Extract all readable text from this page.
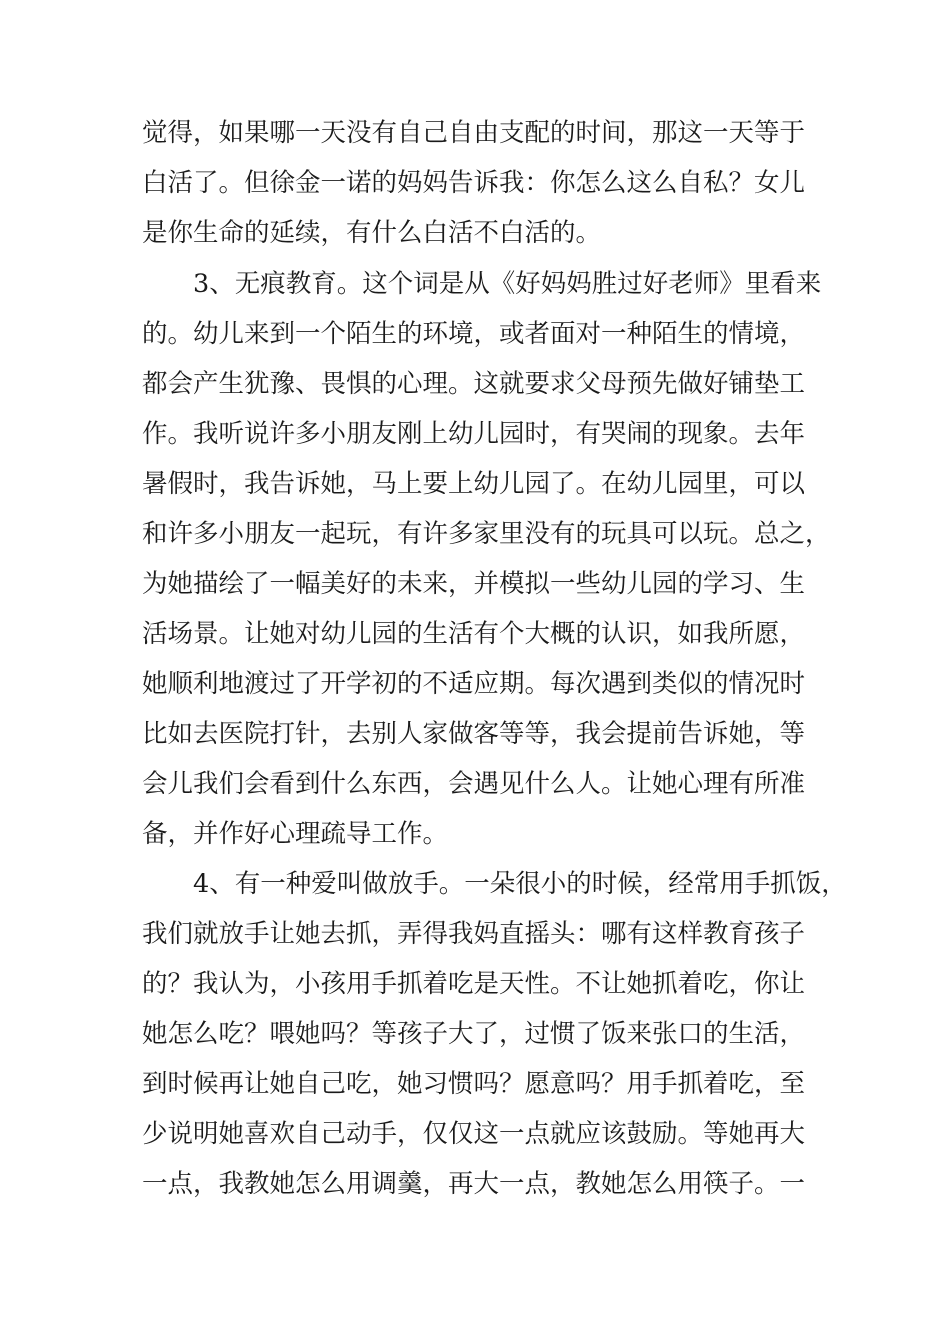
觉得，如果哪一天没有自己自由支配的时间，那这一天等于
白活了。但徐金一诺的妈妈告诉我：你怎么这么自私？女儿
是你生命的延续，有什么白活不白活的。
3、无痕教育。这个词是从《好妈妈胜过好老师》里看来
的。幼儿来到一个陌生的环境，或者面对一种陌生的情境，
都会产生犹豫、畏惧的心理。这就要求父母预先做好铺垫工
作。我听说许多小朋友刚上幼儿园时，有哭闹的现象。去年
暑假时，我告诉她，马上要上幼儿园了。在幼儿园里，可以
和许多小朋友一起玩，有许多家里没有的玩具可以玩。总之，
为她描绘了一幅美好的未来，并模拟一些幼儿园的学习、生
活场景。让她对幼儿园的生活有个大概的认识，如我所愿，
她顺利地渡过了开学初的不适应期。每次遇到类似的情况时
比如去医院打针，去别人家做客等等，我会提前告诉她，等
会儿我们会看到什么东西，会遇见什么人。让她心理有所准
备，并作好心理疏导工作。
4、有一种爱叫做放手。一朵很小的时候，经常用手抓饭，
我们就放手让她去抓，弄得我妈直摇头：哪有这样教育孩子
的？我认为，小孩用手抓着吃是天性。不让她抓着吃，你让
她怎么吃？喂她吗？等孩子大了，过惯了饭来张口的生活，
到时候再让她自己吃，她习惯吗？愿意吗？用手抓着吃，至
少说明她喜欢自己动手，仅仅这一点就应该鼓励。等她再大
一点，我教她怎么用调羹，再大一点，教她怎么用筷子。一
